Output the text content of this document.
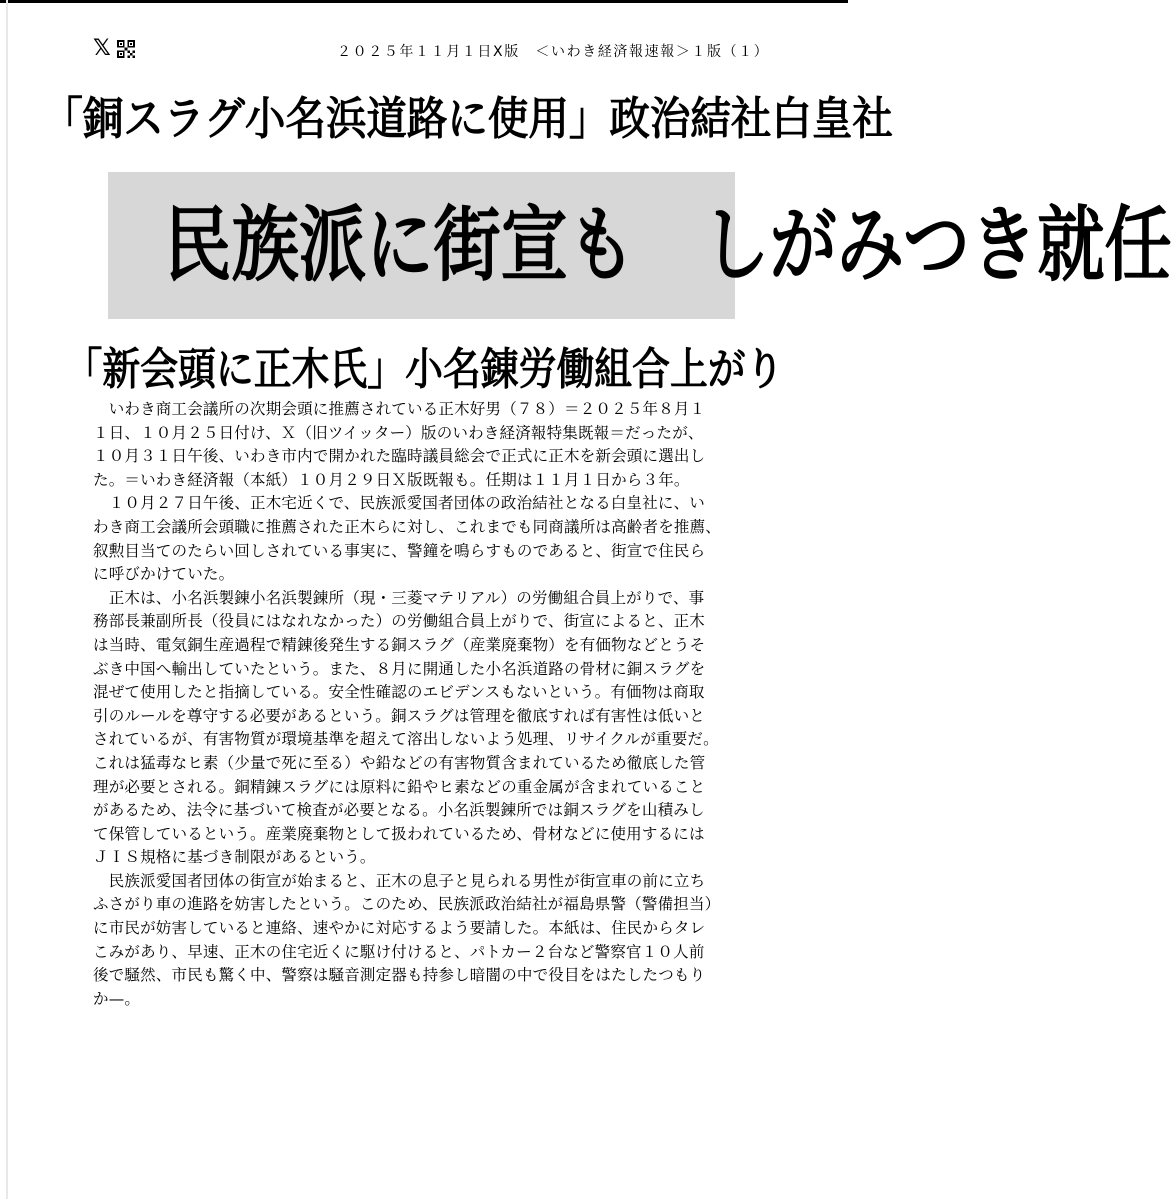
𝕏	２０２５年１１月１日X版　＜いわき経済報速報＞１版（１）
「銅スラグ小名浜道路に使用」政治結社白皇社
民族派に街宣も　しがみつき就任
「新会頭に正木氏」小名錬労働組合上がり
　いわき商工会議所の次期会頭に推薦されている正木好男（７８）＝２０２５年８月１
１日、１０月２５日付け、Ｘ（旧ツイッター）版のいわき経済報特集既報＝だったが、
１０月３１日午後、いわき市内で開かれた臨時議員総会で正式に正木を新会頭に選出し
た。＝いわき経済報（本紙）１０月２９日Ｘ版既報も。任期は１１月１日から３年。
　１０月２７日午後、正木宅近くで、民族派愛国者団体の政治結社となる白皇社に、い
わき商工会議所会頭職に推薦された正木らに対し、これまでも同商議所は高齢者を推薦、
叙勲目当てのたらい回しされている事実に、警鐘を鳴らすものであると、街宣で住民ら
に呼びかけていた。
　正木は、小名浜製錬小名浜製錬所（現・三菱マテリアル）の労働組合員上がりで、事
務部長兼副所長（役員にはなれなかった）の労働組合員上がりで、街宣によると、正木
は当時、電気銅生産過程で精錬後発生する銅スラグ（産業廃棄物）を有価物などとうそ
ぶき中国へ輸出していたという。また、８月に開通した小名浜道路の骨材に銅スラグを
混ぜて使用したと指摘している。安全性確認のエビデンスもないという。有価物は商取
引のルールを尊守する必要があるという。銅スラグは管理を徹底すれば有害性は低いと
されているが、有害物質が環境基準を超えて溶出しないよう処理、リサイクルが重要だ。
これは猛毒なヒ素（少量で死に至る）や鉛などの有害物質含まれているため徹底した管
理が必要とされる。銅精錬スラグには原料に鉛やヒ素などの重金属が含まれていること
があるため、法令に基づいて検査が必要となる。小名浜製錬所では銅スラグを山積みし
て保管しているという。産業廃棄物として扱われているため、骨材などに使用するには
ＪＩＳ規格に基づき制限があるという。
　民族派愛国者団体の街宣が始まると、正木の息子と見られる男性が街宣車の前に立ち
ふさがり車の進路を妨害したという。このため、民族派政治結社が福島県警（警備担当）
に市民が妨害していると連絡、速やかに対応するよう要請した。本紙は、住民からタレ
こみがあり、早速、正木の住宅近くに駆け付けると、パトカー２台など警察官１０人前
後で騒然、市民も驚く中、警察は騒音測定器も持参し暗闇の中で役目をはたしたつもり
か—。
